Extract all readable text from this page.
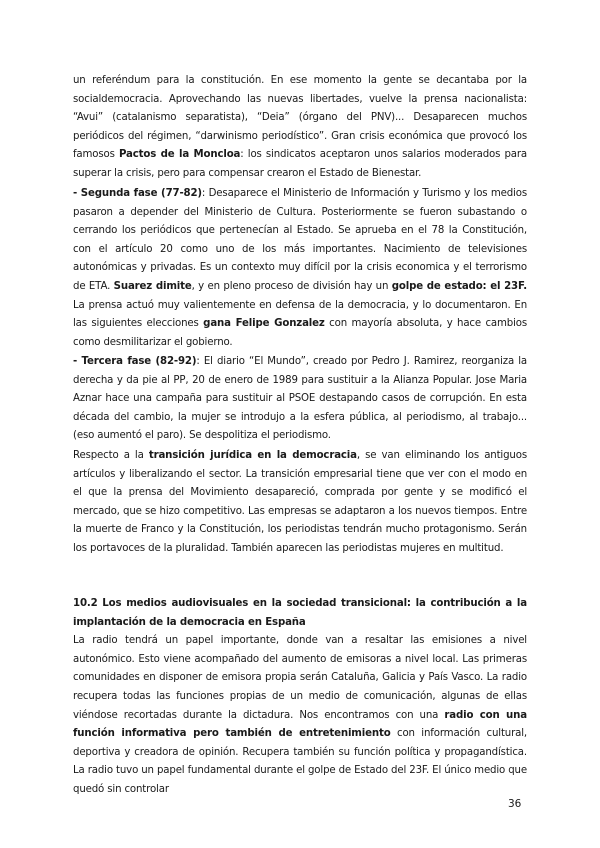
un referéndum para la constitución. En ese momento la gente se decantaba por la socialdemocracia. Aprovechando las nuevas libertades, vuelve la prensa nacionalista: “Avui” (catalanismo separatista), “Deia” (órgano del PNV)... Desaparecen muchos periódicos del régimen, “darwinismo periodístico”. Gran crisis económica que provocó los famosos Pactos de la Moncloa: los sindicatos aceptaron unos salarios moderados para superar la crisis, pero para compensar crearon el Estado de Bienestar.

- Segunda fase (77-82): Desaparece el Ministerio de Información y Turismo y los medios pasaron a depender del Ministerio de Cultura. Posteriormente se fueron subastando o cerrando los periódicos que pertenecían al Estado. Se aprueba en el 78 la Constitución, con el artículo 20 como uno de los más importantes. Nacimiento de televisiones autonómicas y privadas. Es un contexto muy difícil por la crisis economica y el terrorismo de ETA. Suarez dimite, y en pleno proceso de división hay un golpe de estado: el 23F. La prensa actuó muy valientemente en defensa de la democracia, y lo documentaron. En las siguientes elecciones gana Felipe Gonzalez con mayoría absoluta, y hace cambios como desmilitarizar el gobierno.

- Tercera fase (82-92): El diario “El Mundo”, creado por Pedro J. Ramirez, reorganiza la derecha y da pie al PP, 20 de enero de 1989 para sustituir a la Alianza Popular. Jose Maria Aznar hace una campaña para sustituir al PSOE destapando casos de corrupción. En esta década del cambio, la mujer se introdujo a la esfera pública, al periodismo, al trabajo... (eso aumentó el paro). Se despolitiza el periodismo.

Respecto a la transición jurídica en la democracia, se van eliminando los antiguos artículos y liberalizando el sector. La transición empresarial tiene que ver con el modo en el que la prensa del Movimiento desapareció, comprada por gente y se modificó el mercado, que se hizo competitivo. Las empresas se adaptaron a los nuevos tiempos. Entre la muerte de Franco y la Constitución, los periodistas tendrán mucho protagonismo. Serán los portavoces de la pluralidad. También aparecen las periodistas mujeres en multitud.

10.2 Los medios audiovisuales en la sociedad transicional: la contribución a la implantación de la democracia en España

La radio tendrá un papel importante, donde van a resaltar las emisiones a nivel autonómico. Esto viene acompañado del aumento de emisoras a nivel local. Las primeras comunidades en disponer de emisora propia serán Cataluña, Galicia y País Vasco. La radio recupera todas las funciones propias de un medio de comunicación, algunas de ellas viéndose recortadas durante la dictadura. Nos encontramos con una radio con una función informativa pero también de entretenimiento con información cultural, deportiva y creadora de opinión. Recupera también su función política y propagandística. La radio tuvo un papel fundamental durante el golpe de Estado del 23F. El único medio que quedó sin controlar

36
